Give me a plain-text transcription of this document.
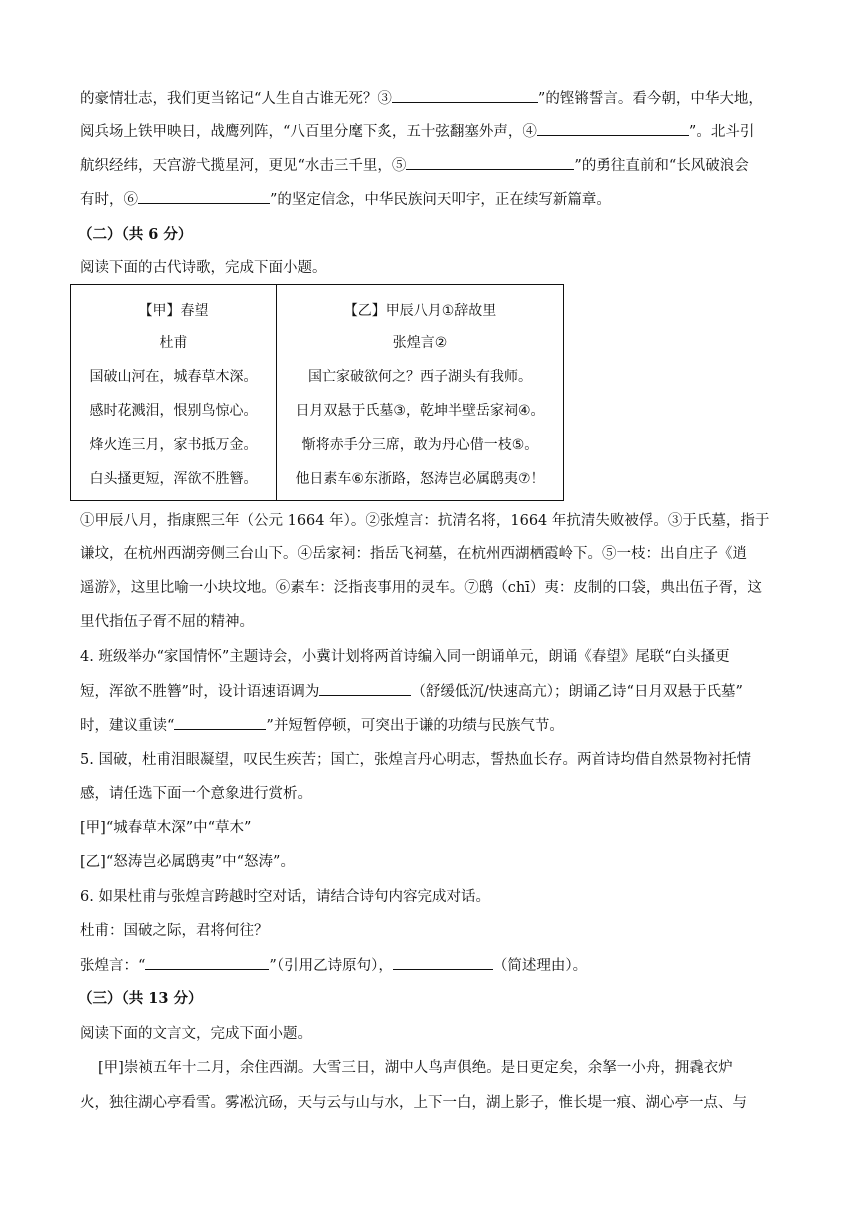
的豪情壮志，我们更当铭记“人生自古谁无死？③	”的铿锵誓言。看今朝，中华大地，
阅兵场上铁甲映日，战鹰列阵，“八百里分麾下炙，五十弦翻塞外声，④	”。北斗引
航织经纬，天宫游弋揽星河，更见“水击三千里，⑤	”的勇往直前和“长风破浪会
有时，⑥	”的坚定信念，中华民族问天叩宇，正在续写新篇章。
（二）（共 6 分）
阅读下面的古代诗歌，完成下面小题。
【甲】春望
杜甫
国破山河在，城春草木深。
感时花溅泪，恨别鸟惊心。
烽火连三月，家书抵万金。
白头搔更短，浑欲不胜簪。
【乙】甲辰八月①辞故里
张煌言②
国亡家破欲何之？西子湖头有我师。
日月双悬于氏墓③，乾坤半壁岳家祠④。
惭将赤手分三席，敢为丹心借一枝⑤。
他日素车⑥东浙路，怒涛岂必属鸱夷⑦！
①甲辰八月，指康熙三年（公元 1664 年）。②张煌言：抗清名将，1664 年抗清失败被俘。③于氏墓，指于
谦坟，在杭州西湖旁侧三台山下。④岳家祠：指岳飞祠墓，在杭州西湖栖霞岭下。⑤一枝：出自庄子《逍
遥游》，这里比喻一小块坟地。⑥素车：泛指丧事用的灵车。⑦鸱（chī）夷：皮制的口袋，典出伍子胥，这
里代指伍子胥不屈的精神。
4. 班级举办“家国情怀”主题诗会，小冀计划将两首诗编入同一朗诵单元，朗诵《春望》尾联“白头搔更
短，浑欲不胜簪”时，设计语速语调为	（舒缓低沉/快速高亢）；朗诵乙诗“日月双悬于氏墓”
时，建议重读“	”并短暂停顿，可突出于谦的功绩与民族气节。
5. 国破，杜甫泪眼凝望，叹民生疾苦；国亡，张煌言丹心明志，誓热血长存。两首诗均借自然景物衬托情
感，请任选下面一个意象进行赏析。
[甲]“城春草木深”中“草木”
[乙]“怒涛岂必属鸱夷”中“怒涛”。
6. 如果杜甫与张煌言跨越时空对话，请结合诗句内容完成对话。
杜甫：国破之际，君将何往？
张煌言：“	”（引用乙诗原句），	（简述理由）。
（三）（共 13 分）
阅读下面的文言文，完成下面小题。
[甲]崇祯五年十二月，余住西湖。大雪三日，湖中人鸟声俱绝。是日更定矣，余拏一小舟，拥毳衣炉
火，独往湖心亭看雪。雾凇沆砀，天与云与山与水，上下一白，湖上影子，惟长堤一痕、湖心亭一点、与
